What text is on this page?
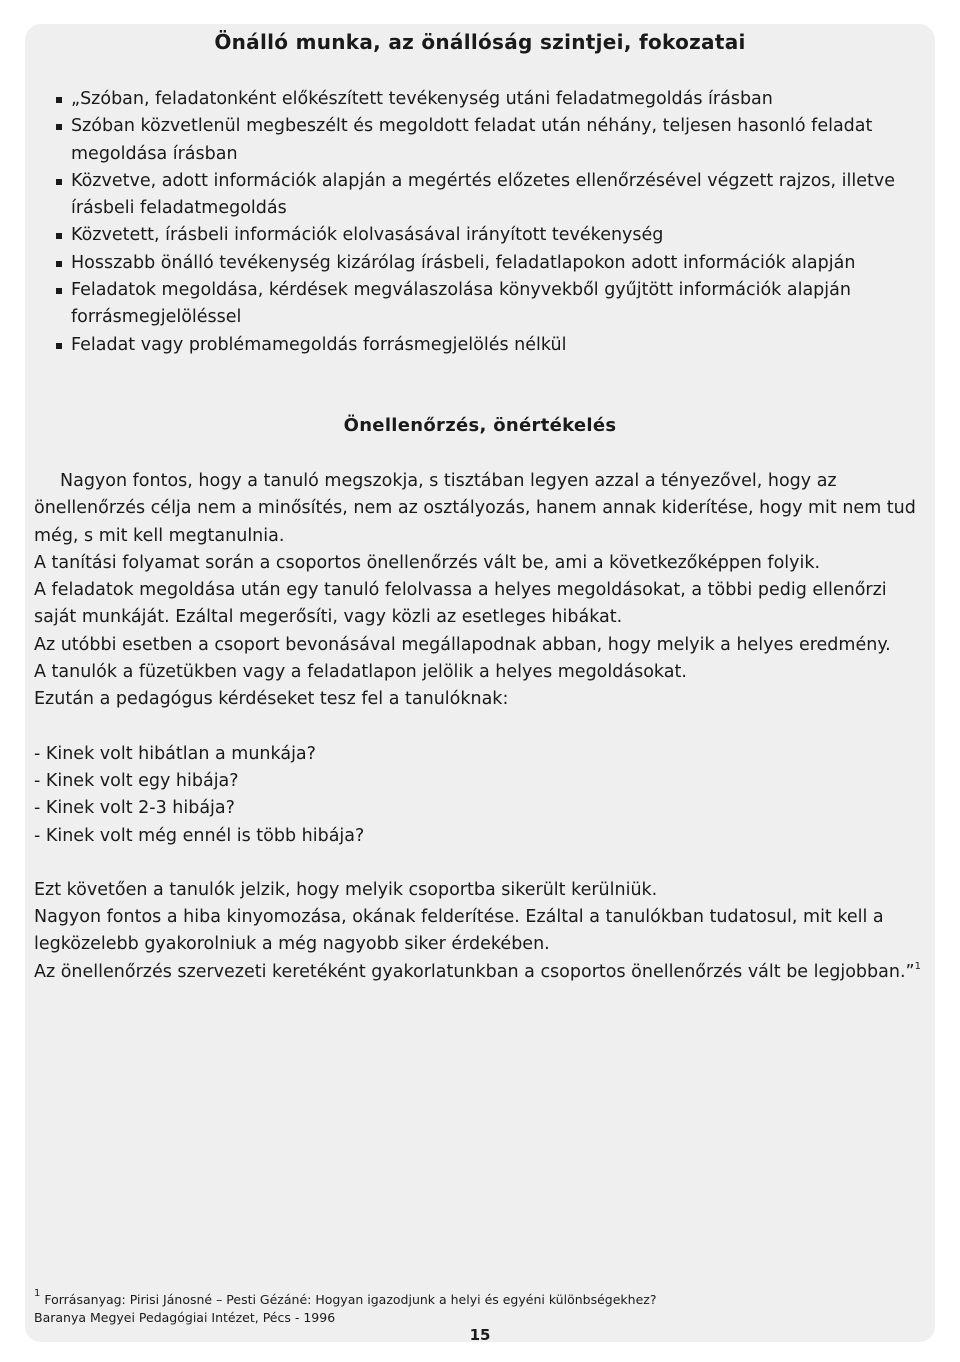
Önálló munka, az önállóság szintjei, fokozatai
„Szóban, feladatonként előkészített tevékenység utáni feladatmegoldás írásban
Szóban közvetlenül megbeszélt és megoldott feladat után néhány, teljesen hasonló feladat megoldása írásban
Közvetve, adott információk alapján a megértés előzetes ellenőrzésével végzett rajzos, illetve írásbeli feladatmegoldás
Közvetett, írásbeli információk elolvasásával irányított tevékenység
Hosszabb önálló tevékenység kizárólag írásbeli, feladatlapokon adott információk alapján
Feladatok megoldása, kérdések megválaszolása könyvekből gyűjtött információk alapján forrásmegjelöléssel
Feladat vagy problémamegoldás forrásmegjelölés nélkül
Önellenőrzés, önértékelés

Nagyon fontos, hogy a tanuló megszokja, s tisztában legyen azzal a tényezővel, hogy az önellenőrzés célja nem a minősítés, nem az osztályozás, hanem annak kiderítése, hogy mit nem tud még, s mit kell megtanulnia.

A tanítási folyamat során a csoportos önellenőrzés vált be, ami a következőképpen folyik.

A feladatok megoldása után egy tanuló felolvassa a helyes megoldásokat, a többi pedig ellenőrzi saját munkáját. Ezáltal megerősíti, vagy közli az esetleges hibákat.

Az utóbbi esetben a csoport bevonásával megállapodnak abban, hogy melyik a helyes eredmény.

A tanulók a füzetükben vagy a feladatlapon jelölik a helyes megoldásokat.

Ezután a pedagógus kérdéseket tesz fel a tanulóknak:

- Kinek volt hibátlan a munkája?
- Kinek volt egy hibája?
- Kinek volt 2-3 hibája?
- Kinek volt még ennél is több hibája?

Ezt követően a tanulók jelzik, hogy melyik csoportba sikerült kerülniük.

Nagyon fontos a hiba kinyomozása, okának felderítése. Ezáltal a tanulókban tudatosul, mit kell a legközelebb gyakorolniuk a még nagyobb siker érdekében.

Az önellenőrzés szervezeti keretéként gyakorlatunkban a csoportos önellenőrzés vált be legjobban.”$^1$

$^1$ Forrásanyag: Pirisi Jánosné – Pesti Gézáné: Hogyan igazodjunk a helyi és egyéni különbségekhez?

Baranya Megyei Pedagógiai Intézet, Pécs - 1996

15
